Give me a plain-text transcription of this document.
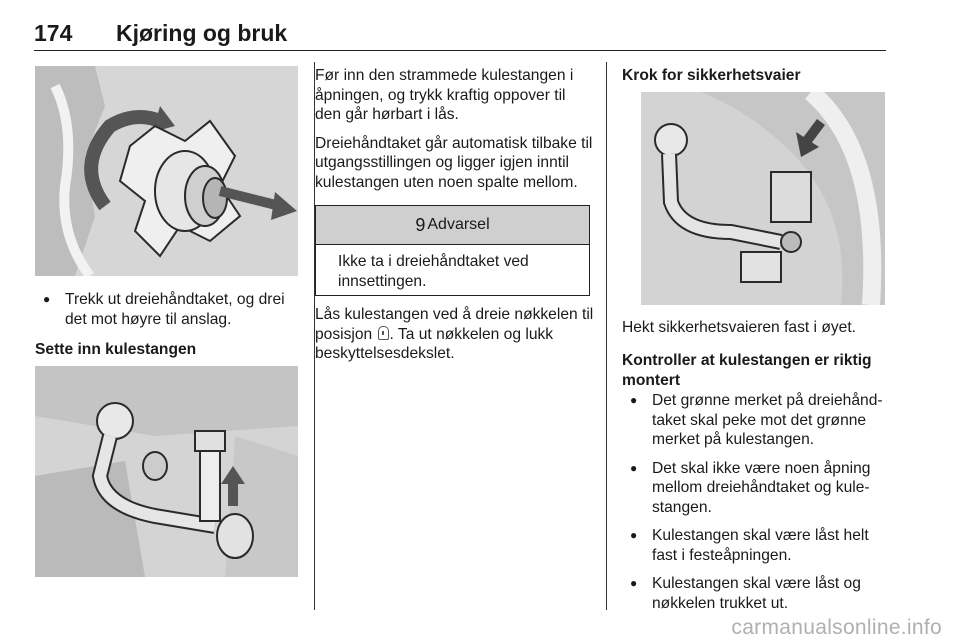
174 Kjøring og bruk

● Trekk ut dreiehåndtaket, og drei det mot høyre til anslag.

Sette inn kulestangen

Før inn den strammede kulestangen i åpningen, og trykk kraftig oppover til den går hørbart i lås.

Dreiehåndtaket går automatisk tilbake til utgangsstillingen og ligger igjen inntil kulestangen uten noen spalte mellom.

9 Advarsel
Ikke ta i dreiehåndtaket ved innsettingen.

Lås kulestangen ved å dreie nøkkelen til posisjon . Ta ut nøkkelen og lukk beskyttelsesdekslet.

Krok for sikkerhetsvaier

Hekt sikkerhetsvaieren fast i øyet.

Kontroller at kulestangen er riktig montert

● Det grønne merket på dreiehåndtaket skal peke mot det grønne merket på kulestangen.

● Det skal ikke være noen åpning mellom dreiehåndtaket og kulestangen.

● Kulestangen skal være låst helt fast i festeåpningen.

● Kulestangen skal være låst og nøkkelen trukket ut.

carmanualsonline.info
